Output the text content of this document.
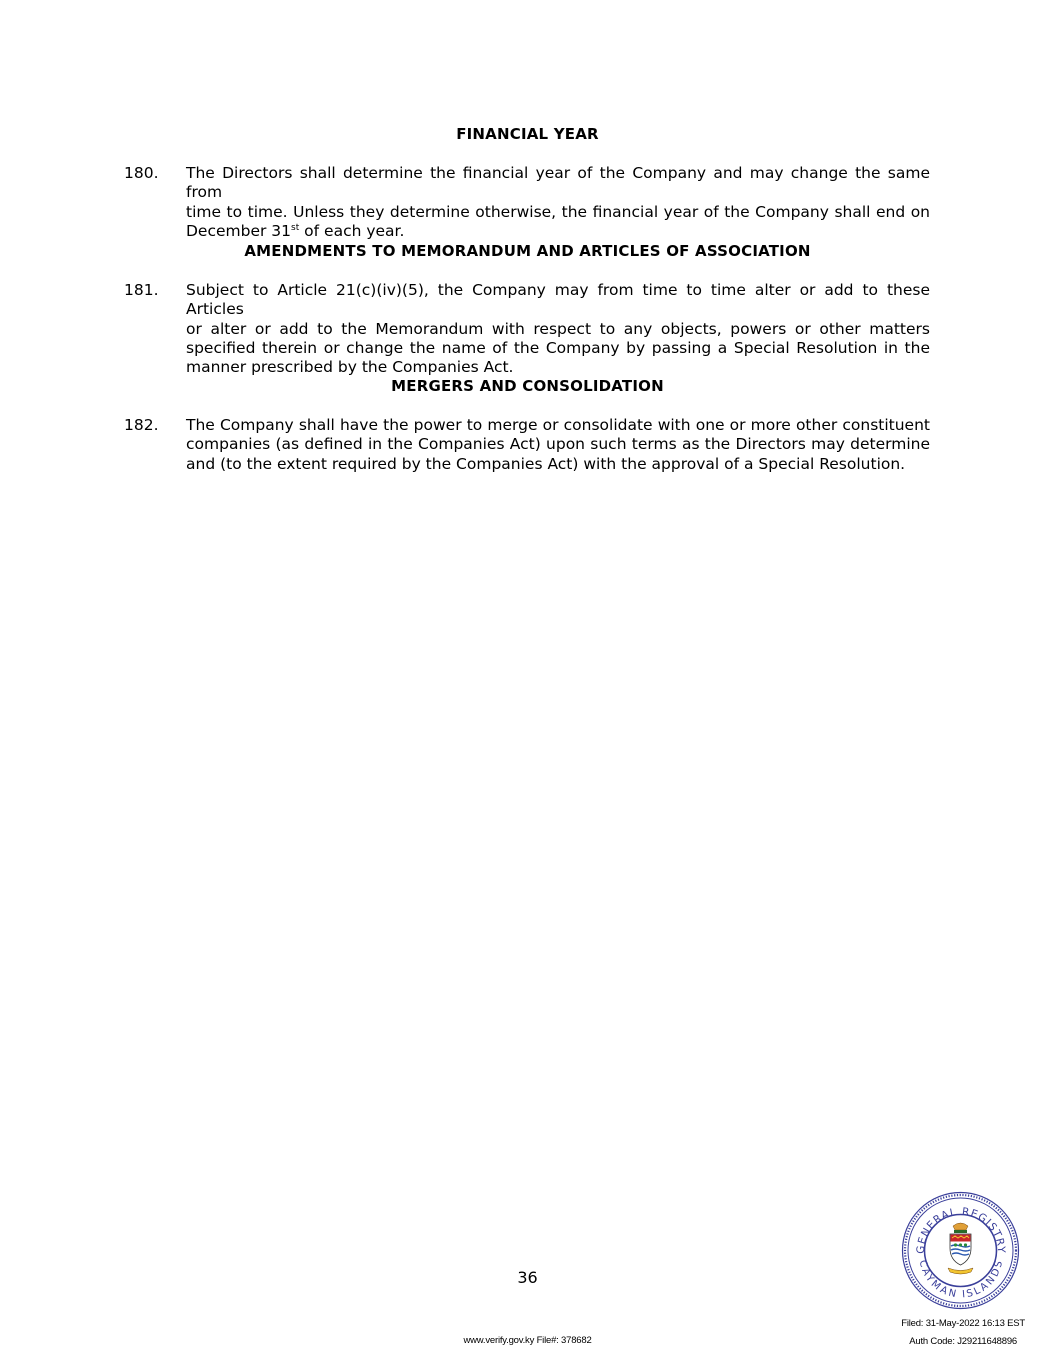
FINANCIAL YEAR
180. The Directors shall determine the financial year of the Company and may change the same from
time to time. Unless they determine otherwise, the financial year of the Company shall end on
December 31st of each year.
AMENDMENTS TO MEMORANDUM AND ARTICLES OF ASSOCIATION
181. Subject to Article 21(c)(iv)(5), the Company may from time to time alter or add to these Articles
or alter or add to the Memorandum with respect to any objects, powers or other matters
specified therein or change the name of the Company by passing a Special Resolution in the
manner prescribed by the Companies Act.
MERGERS AND CONSOLIDATION
182. The Company shall have the power to merge or consolidate with one or more other constituent
companies (as defined in the Companies Act) upon such terms as the Directors may determine
and (to the extent required by the Companies Act) with the approval of a Special Resolution.
36
GENERAL REGISTRY
CAYMAN ISLANDS
www.verify.gov.ky File#: 378682
Filed: 31-May-2022 16:13 EST
Auth Code: J29211648896
